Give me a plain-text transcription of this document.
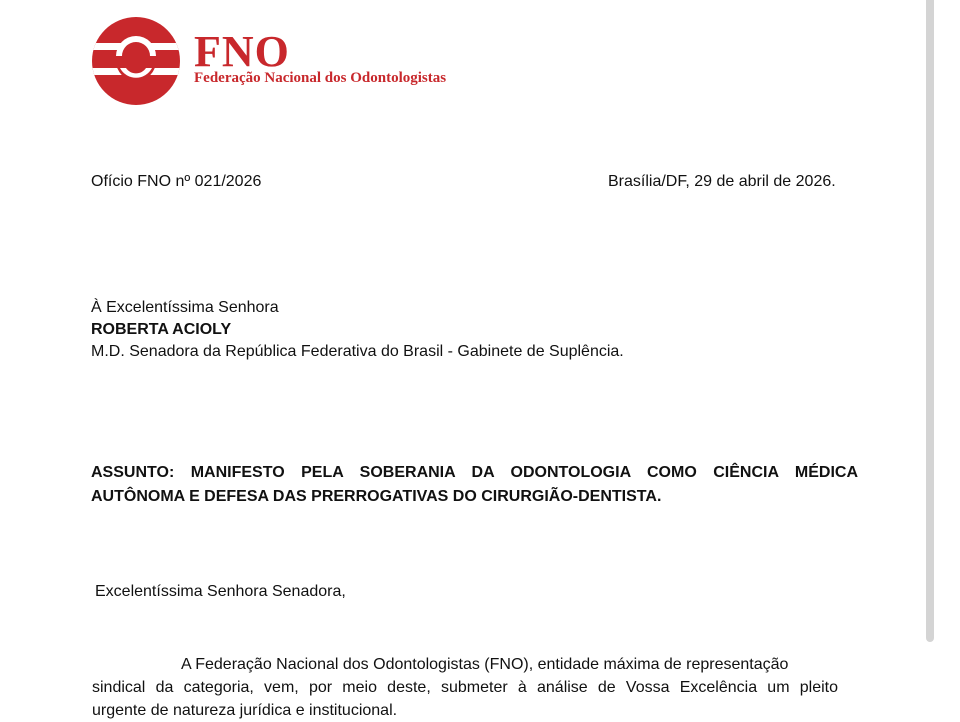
FNO
Federação Nacional dos Odontologistas
Ofício FNO nº 021/2026	Brasília/DF, 29 de abril de 2026.
À Excelentíssima Senhora
ROBERTA ACIOLY
M.D. Senadora da República Federativa do Brasil - Gabinete de Suplência.
ASSUNTO: MANIFESTO PELA SOBERANIA DA ODONTOLOGIA COMO CIÊNCIA MÉDICA
AUTÔNOMA E DEFESA DAS PRERROGATIVAS DO CIRURGIÃO-DENTISTA.
Excelentíssima Senhora Senadora,
A Federação Nacional dos Odontologistas (FNO), entidade máxima de representação
sindical da categoria, vem, por meio deste, submeter à análise de Vossa Excelência um pleito
urgente de natureza jurídica e institucional.
